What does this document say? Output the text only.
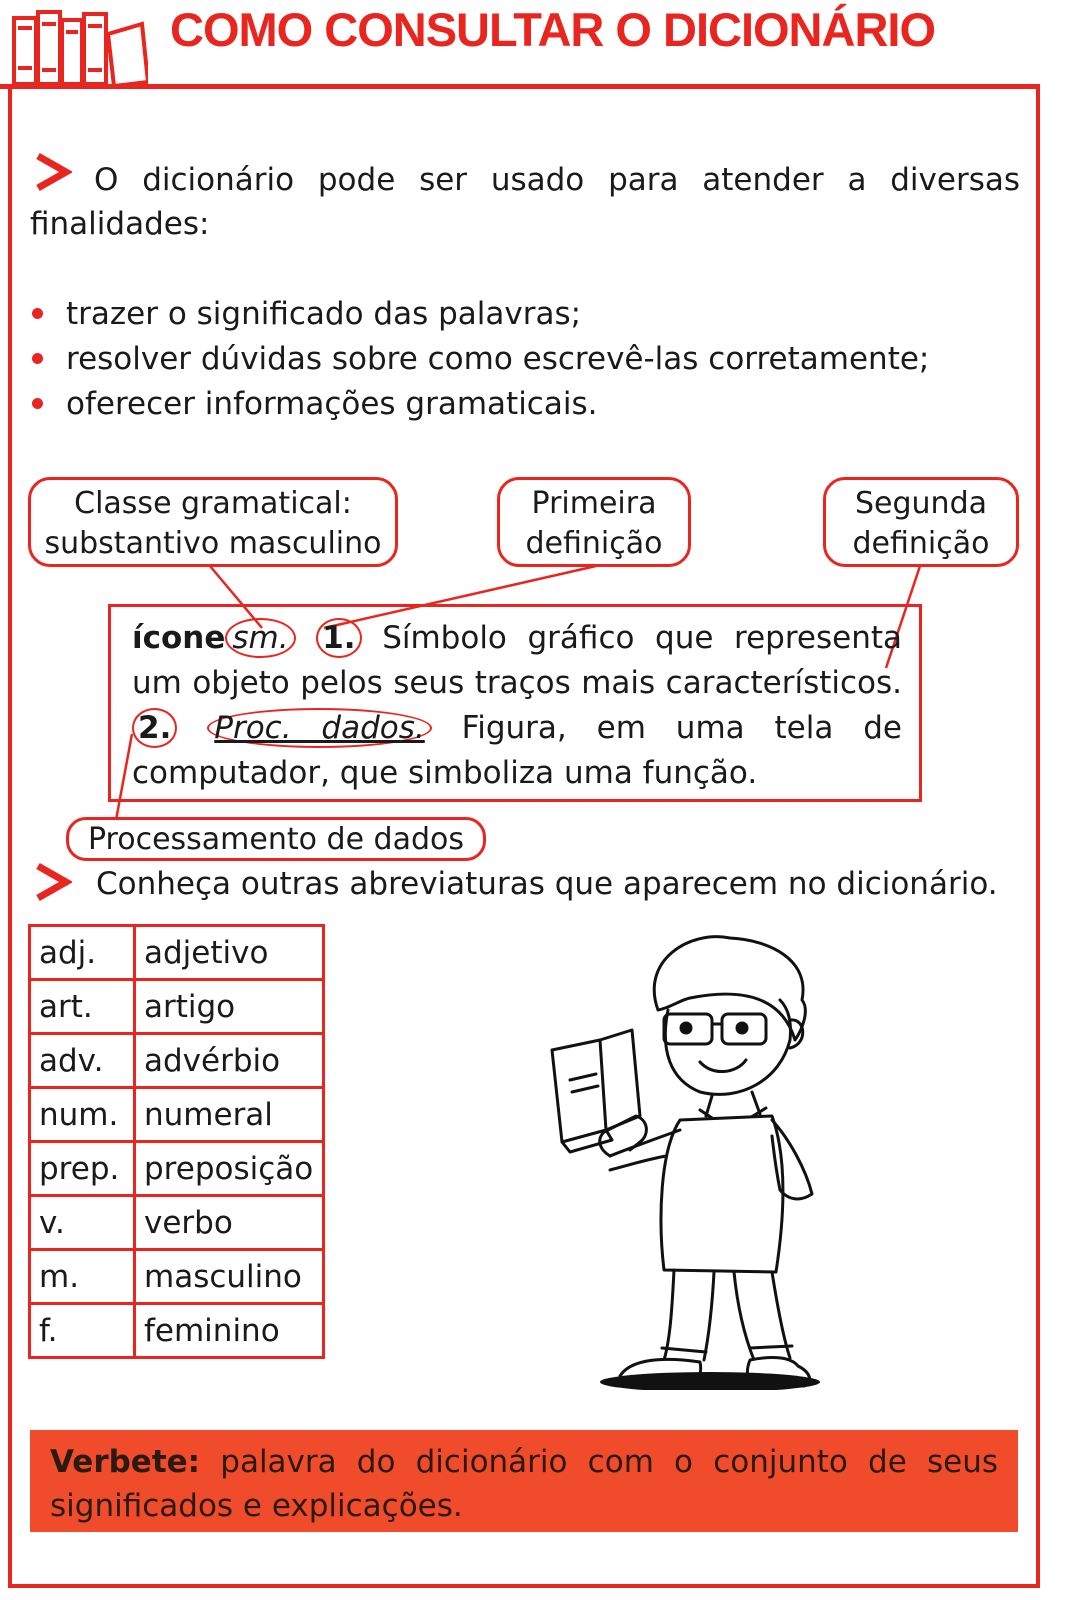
COMO CONSULTAR O DICIONÁRIO
O dicionário pode ser usado para atender a diversas finalidades:
trazer o significado das palavras;
resolver dúvidas sobre como escrevê-las corretamente;
oferecer informações gramaticais.
Classe gramatical:
substantivo masculino
Primeira
definição
Segunda
definição
ícone sm. 1. Símbolo gráfico que representa um objeto pelos seus traços mais característicos. 2. Proc. dados. Figura, em uma tela de computador, que simboliza uma função.
Processamento de dados
Conheça outras abreviaturas que aparecem no dicionário.
adj.	adjetivo
art.	artigo
adv.	advérbio
num.	numeral
prep.	preposição
v.	verbo
m.	masculino
f.	feminino
Verbete: palavra do dicionário com o conjunto de seus significados e explicações.
